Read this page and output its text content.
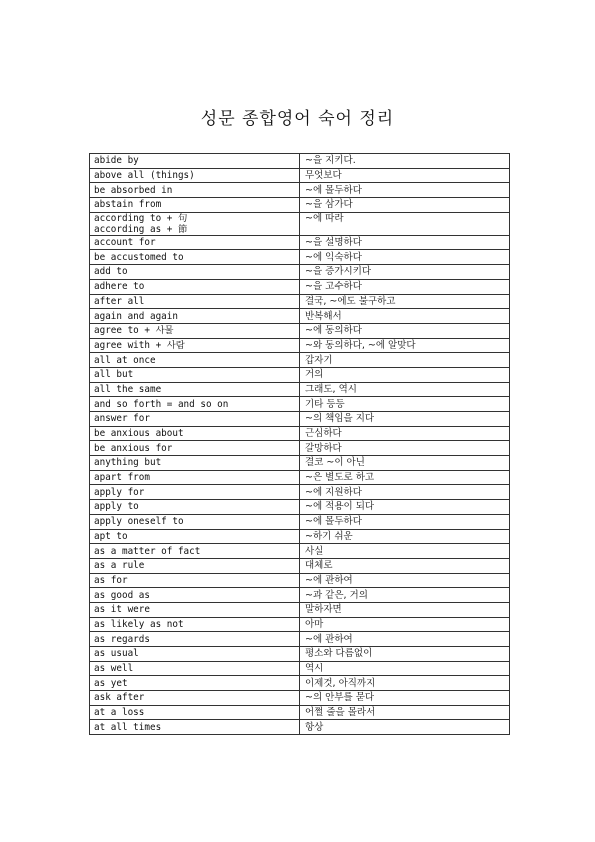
성문 종합영어 숙어 정리
abide by	~을 지키다.
above all (things)	무엇보다
be absorbed in	~에 몰두하다
abstain from	~을 삼가다
according to + 句
according as + 節	~에 따라
account for	~을 설명하다
be accustomed to	~에 익숙하다
add to	~을 증가시키다
adhere to	~을 고수하다
after all	결국, ~에도 불구하고
again and again	반복해서
agree to + 사물	~에 동의하다
agree with + 사람	~와 동의하다, ~에 알맞다
all at once	갑자기
all but	거의
all the same	그래도, 역시
and so forth = and so on	기타 등등
answer for	~의 책임을 지다
be anxious about	근심하다
be anxious for	갈망하다
anything but	결코 ~이 아닌
apart from	~은 별도로 하고
apply for	~에 지원하다
apply to	~에 적용이 되다
apply oneself to	~에 몰두하다
apt to	~하기 쉬운
as a matter of fact	사실
as a rule	대체로
as for	~에 관하여
as good as	~과 같은, 거의
as it were	말하자면
as likely as not	아마
as regards	~에 관하여
as usual	평소와 다름없이
as well	역시
as yet	이제것, 아직까지
ask after	~의 안부를 묻다
at a loss	어쩔 줄을 몰라서
at all times	항상
